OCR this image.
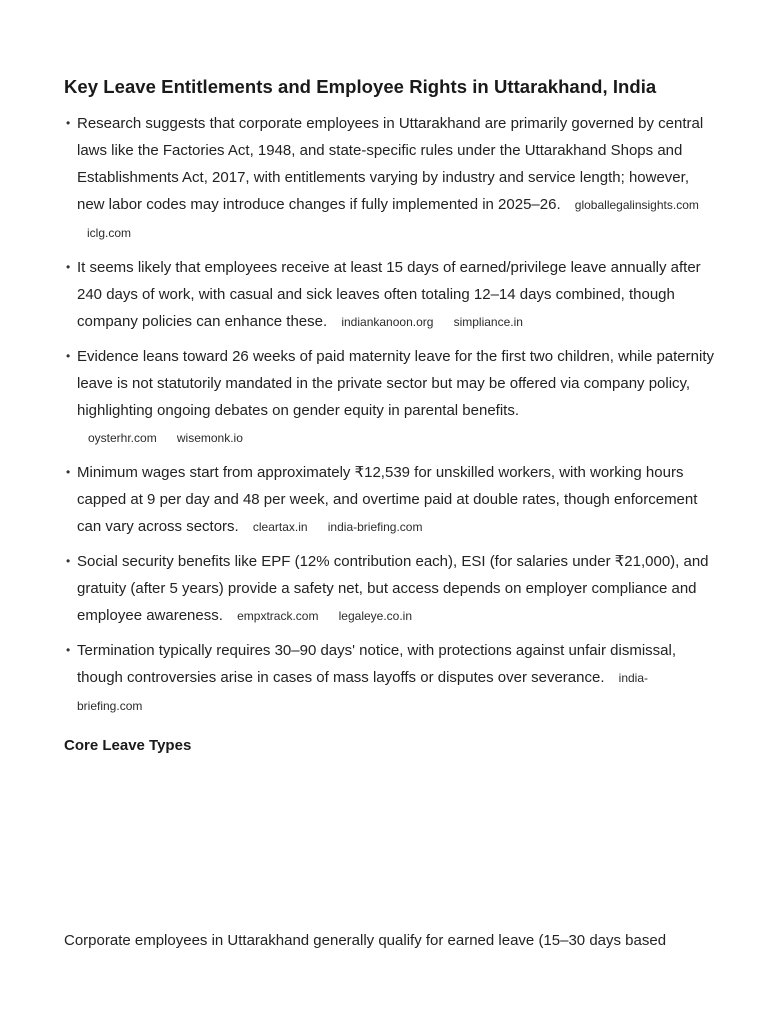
Key Leave Entitlements and Employee Rights in Uttarakhand, India
• Research suggests that corporate employees in Uttarakhand are primarily governed by central laws like the Factories Act, 1948, and state-specific rules under the Uttarakhand Shops and Establishments Act, 2017, with entitlements varying by industry and service length; however, new labor codes may introduce changes if fully implemented in 2025–26. globallegalinsights.com iclg.com
• It seems likely that employees receive at least 15 days of earned/privilege leave annually after 240 days of work, with casual and sick leaves often totaling 12–14 days combined, though company policies can enhance these. indiankanoon.org simpliance.in
• Evidence leans toward 26 weeks of paid maternity leave for the first two children, while paternity leave is not statutorily mandated in the private sector but may be offered via company policy, highlighting ongoing debates on gender equity in parental benefits.
oysterhr.com wisemonk.io
• Minimum wages start from approximately ₹12,539 for unskilled workers, with working hours capped at 9 per day and 48 per week, and overtime paid at double rates, though enforcement can vary across sectors. cleartax.in india-briefing.com
• Social security benefits like EPF (12% contribution each), ESI (for salaries under ₹21,000), and gratuity (after 5 years) provide a safety net, but access depends on employer compliance and employee awareness. empxtrack.com legaleye.co.in
• Termination typically requires 30–90 days' notice, with protections against unfair dismissal, though controversies arise in cases of mass layoffs or disputes over severance. india-briefing.com
Core Leave Types

Corporate employees in Uttarakhand generally qualify for earned leave (15–30 days based
